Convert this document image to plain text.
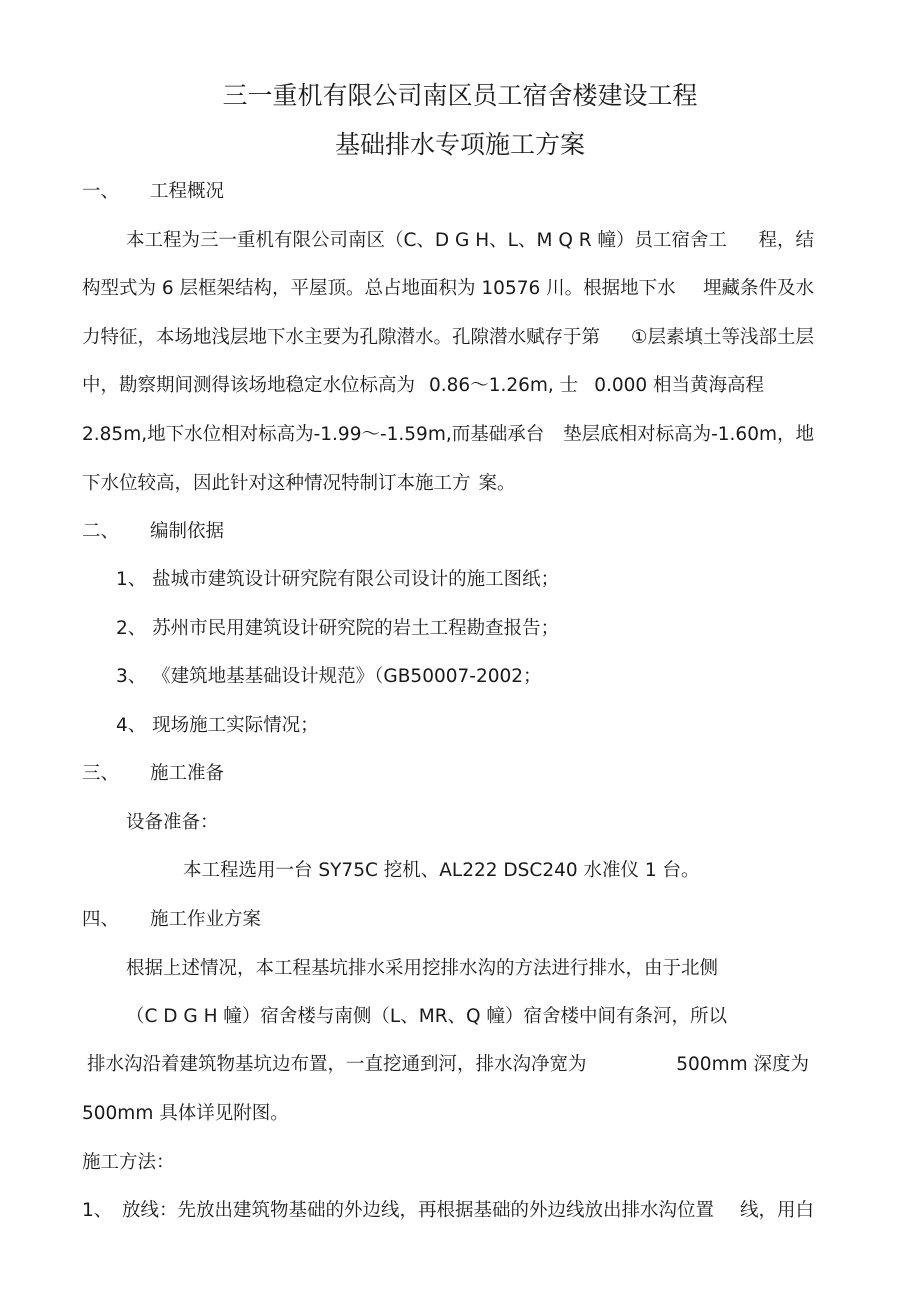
三一重机有限公司南区员工宿舍楼建设工程
基础排水专项施工方案
一、 工程概况
本工程为三一重机有限公司南区（C、D G H、L、M Q R 幢）员工宿舍工 程，结
构型式为 6 层框架结构，平屋顶。总占地面积为 10576 川。根据地下水 埋藏条件及水
力特征，本场地浅层地下水主要为孔隙潜水。孔隙潜水赋存于第 ①层素填土等浅部土层
中，勘察期间测得该场地稳定水位标高为 0.86～1.26m, 士 0.000 相当黄海高程
2.85m,地下水位相对标高为-1.99～-1.59m,而基础承台 垫层底相对标高为-1.60m，地
下水位较高，因此针对这种情况特制订本施工方 案。
二、 编制依据
1、 盐城市建筑设计研究院有限公司设计的施工图纸；
2、 苏州市民用建筑设计研究院的岩土工程勘查报告；
3、 《建筑地基基础设计规范》（GB50007-2002；
4、 现场施工实际情况；
三、 施工准备
设备准备：
本工程选用一台 SY75C 挖机、AL222 DSC240 水准仪 1 台。
四、 施工作业方案
根据上述情况，本工程基坑排水采用挖排水沟的方法进行排水，由于北侧
（C D G H 幢）宿舍楼与南侧（L、MR、Q 幢）宿舍楼中间有条河，所以
排水沟沿着建筑物基坑边布置，一直挖通到河，排水沟净宽为	500mm 深度为
500mm 具体详见附图。
施工方法：
1、 放线：先放出建筑物基础的外边线，再根据基础的外边线放出排水沟位置 线，用白
